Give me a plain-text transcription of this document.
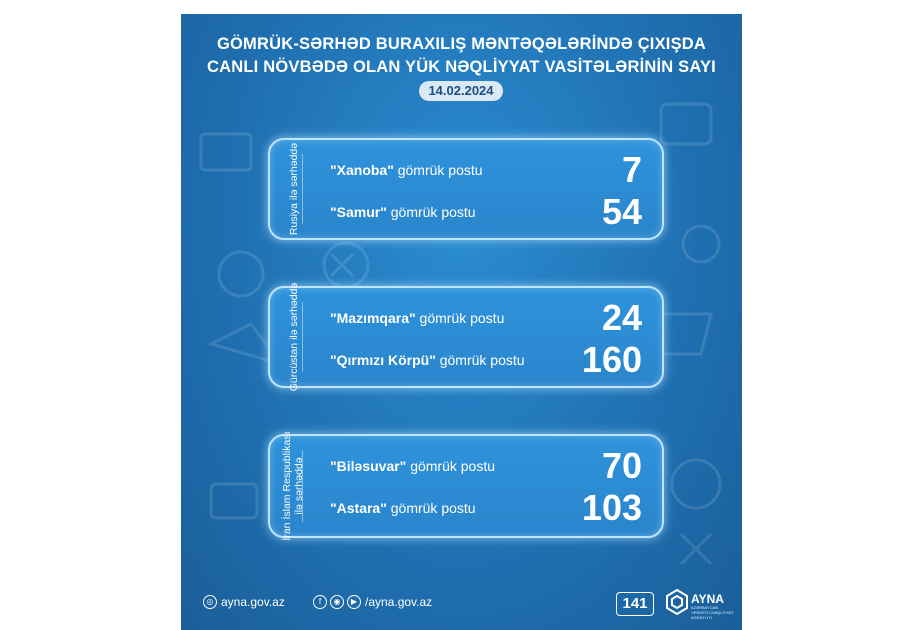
GÖMRÜK-SƏRHƏD BURAXILIŞ MƏNTƏQƏLƏRİNDƏ ÇIXIŞDA
CANLI NÖVBƏDƏ OLAN YÜK NƏQLİYYAT VASİTƏLƏRİNİN SAYI
14.02.2024
Rusiya ilə sərhəddə "Xanoba" gömrük postu	7
"Samur" gömrük postu	54
Gürcüstan ilə sərhəddə "Mazımqara" gömrük postu	24
"Qırmızı Körpü" gömrük postu 160
İran İslam Respublikası ilə sərhəddə "Biləsuvar" gömrük postu	70
"Astara" gömrük postu	103
◎ ayna.gov.az	f	◉	▶ /ayna.gov.az	141	AYNA
AZƏRBAYCAN YERÜSTÜ NƏQLİYYAT AGENTLİYİ
